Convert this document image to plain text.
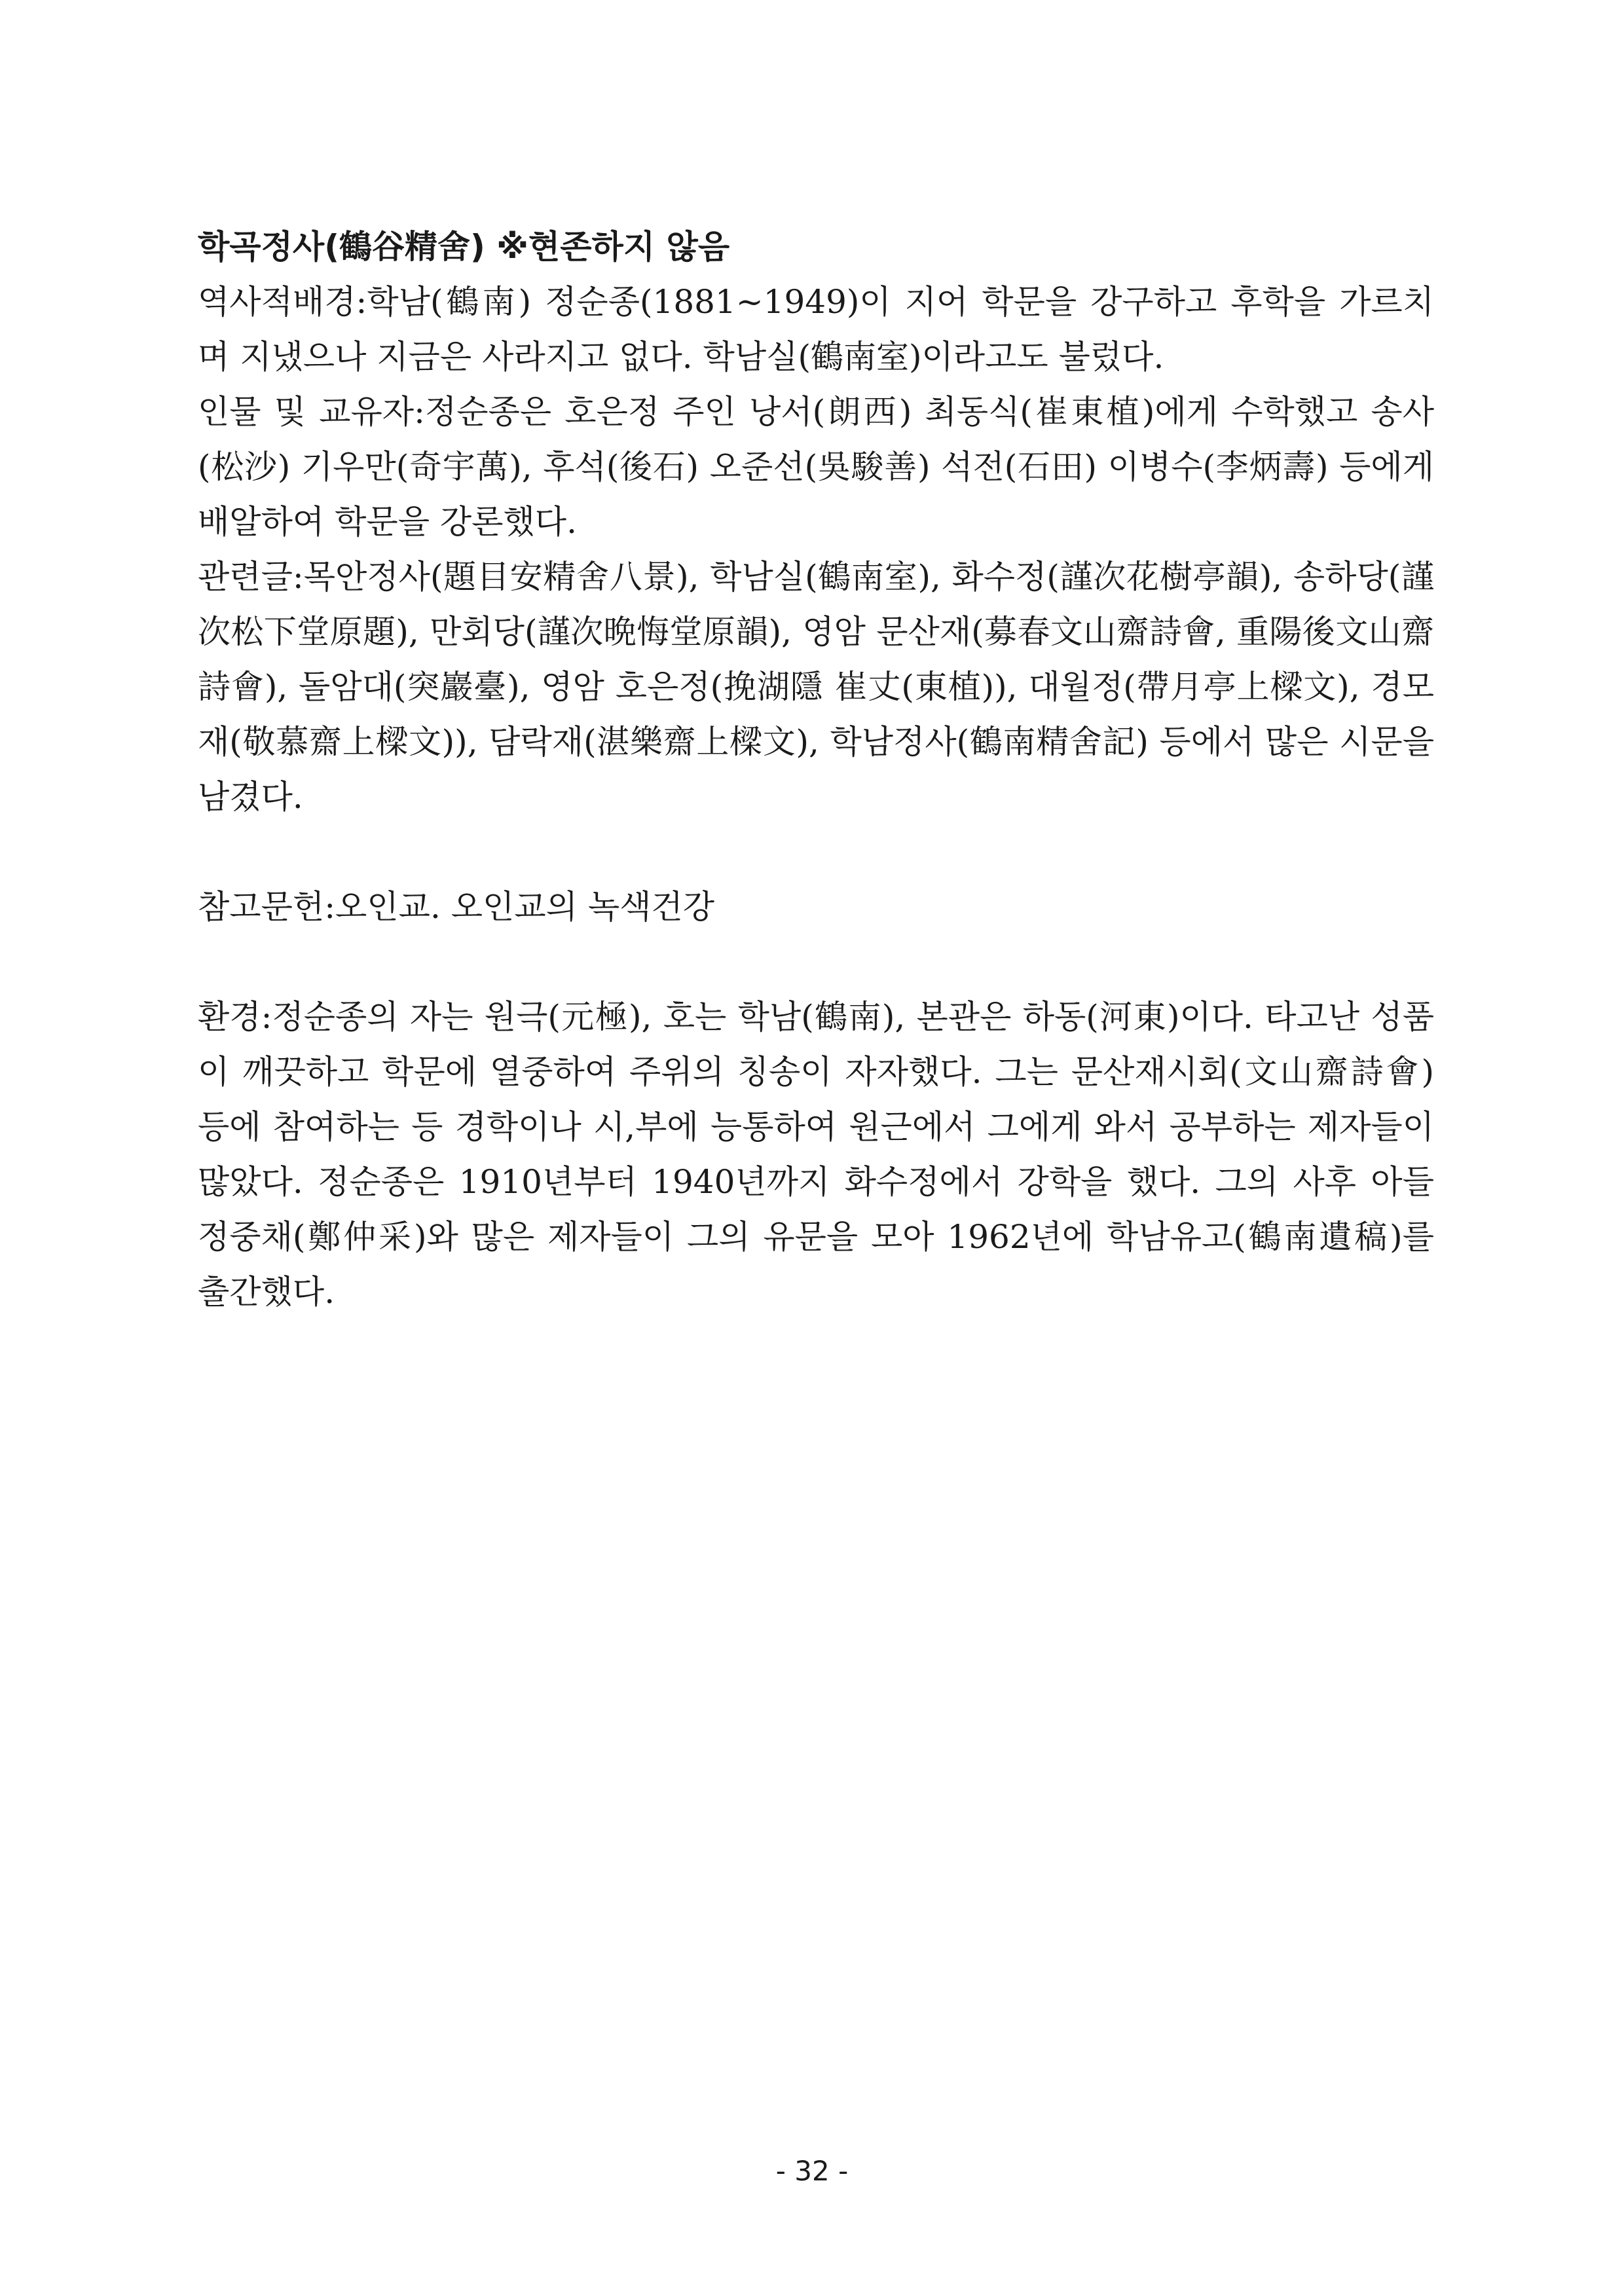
학곡정사(鶴谷精舍) ※현존하지 않음

역사적배경:학남(鶴南) 정순종(1881~1949)이 지어 학문을 강구하고 후학을 가르치며 지냈으나 지금은 사라지고 없다. 학남실(鶴南室)이라고도 불렀다.

인물 및 교유자:정순종은 호은정 주인 낭서(朗西) 최동식(崔東植)에게 수학했고 송사(松沙) 기우만(奇宇萬), 후석(後石) 오준선(吳駿善) 석전(石田) 이병수(李炳壽) 등에게 배알하여 학문을 강론했다.

관련글:목안정사(題目安精舍八景), 학남실(鶴南室), 화수정(謹次花樹亭韻), 송하당(謹次松下堂原題), 만회당(謹次晩悔堂原韻), 영암 문산재(募春文山齋詩會, 重陽後文山齋詩會), 돌암대(突巖臺), 영암 호은정(挽湖隱 崔丈(東植)), 대월정(帶月亭上樑文), 경모재(敬慕齋上樑文)), 담락재(湛樂齋上樑文), 학남정사(鶴南精舍記) 등에서 많은 시문을 남겼다.

참고문헌:오인교. 오인교의 녹색건강

환경:정순종의 자는 원극(元極), 호는 학남(鶴南), 본관은 하동(河東)이다. 타고난 성품이 깨끗하고 학문에 열중하여 주위의 칭송이 자자했다. 그는 문산재시회(文山齋詩會) 등에 참여하는 등 경학이나 시,부에 능통하여 원근에서 그에게 와서 공부하는 제자들이 많았다. 정순종은 1910년부터 1940년까지 화수정에서 강학을 했다. 그의 사후 아들 정중채(鄭仲采)와 많은 제자들이 그의 유문을 모아 1962년에 학남유고(鶴南遺稿)를 출간했다.

- 32 -
